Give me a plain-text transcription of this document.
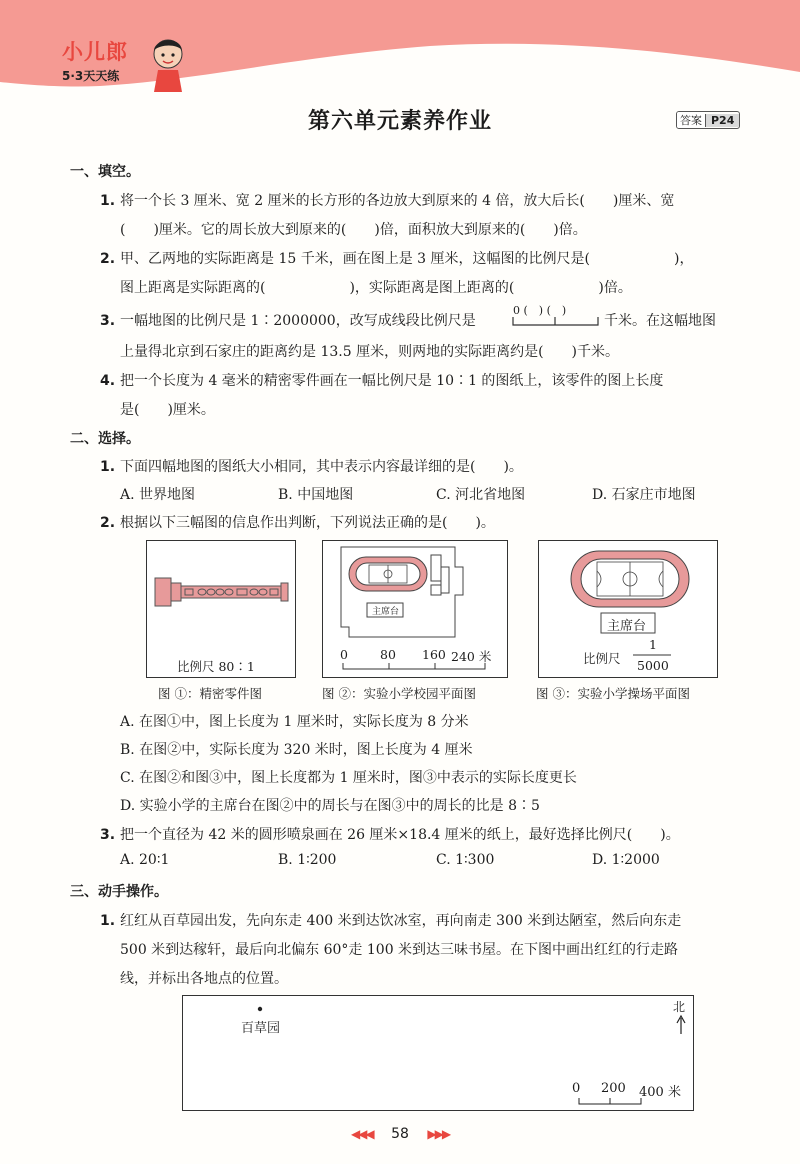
小儿郎
5·3天天练
第六单元素养作业	答案 P24
一、填空。
1. 将一个长 3 厘米、宽 2 厘米的长方形的各边放大到原来的 4 倍，放大后长(　　)厘米、宽
(　　)厘米。它的周长放大到原来的(　　)倍，面积放大到原来的(　　)倍。
2. 甲、乙两地的实际距离是 15 千米，画在图上是 3 厘米，这幅图的比例尺是(　　　　　　)，
图上距离是实际距离的(　　　　　　)，实际距离是图上距离的(　　　　　　)倍。
3. 一幅地图的比例尺是 1∶2000000，改写成线段比例尺是
0 (　) (　)
千米。在这幅地图
上量得北京到石家庄的距离约是 13.5 厘米，则两地的实际距离约是(　　)千米。
4. 把一个长度为 4 毫米的精密零件画在一幅比例尺是 10∶1 的图纸上，该零件的图上长度
是(　　)厘米。
二、选择。
1. 下面四幅地图的图纸大小相同，其中表示内容最详细的是(　　)。
A. 世界地图	B. 中国地图	C. 河北省地图	D. 石家庄市地图
2. 根据以下三幅图的信息作出判断，下列说法正确的是(　　)。
比例尺 80∶1
主席台
0	80 160 240 米
主席台
比例尺
1
5000
图 ①：精密零件图	图 ②：实验小学校园平面图	图 ③：实验小学操场平面图
A. 在图①中，图上长度为 1 厘米时，实际长度为 8 分米
B. 在图②中，实际长度为 320 米时，图上长度为 4 厘米
C. 在图②和图③中，图上长度都为 1 厘米时，图③中表示的实际长度更长
D. 实验小学的主席台在图②中的周长与在图③中的周长的比是 8∶5
3. 把一个直径为 42 米的圆形喷泉画在 26 厘米×18.4 厘米的纸上，最好选择比例尺(　　)。
A. 20∶1	B. 1∶200	C. 1∶300	D. 1∶2000
三、动手操作。
1. 红红从百草园出发，先向东走 400 米到达饮冰室，再向南走 300 米到达陋室，然后向东走
500 米到达稼轩，最后向北偏东 60°走 100 米到达三味书屋。在下图中画出红红的行走路
线，并标出各地点的位置。
百草园
北
0 200 400 米
◀◀◀ 58 ▶▶▶
